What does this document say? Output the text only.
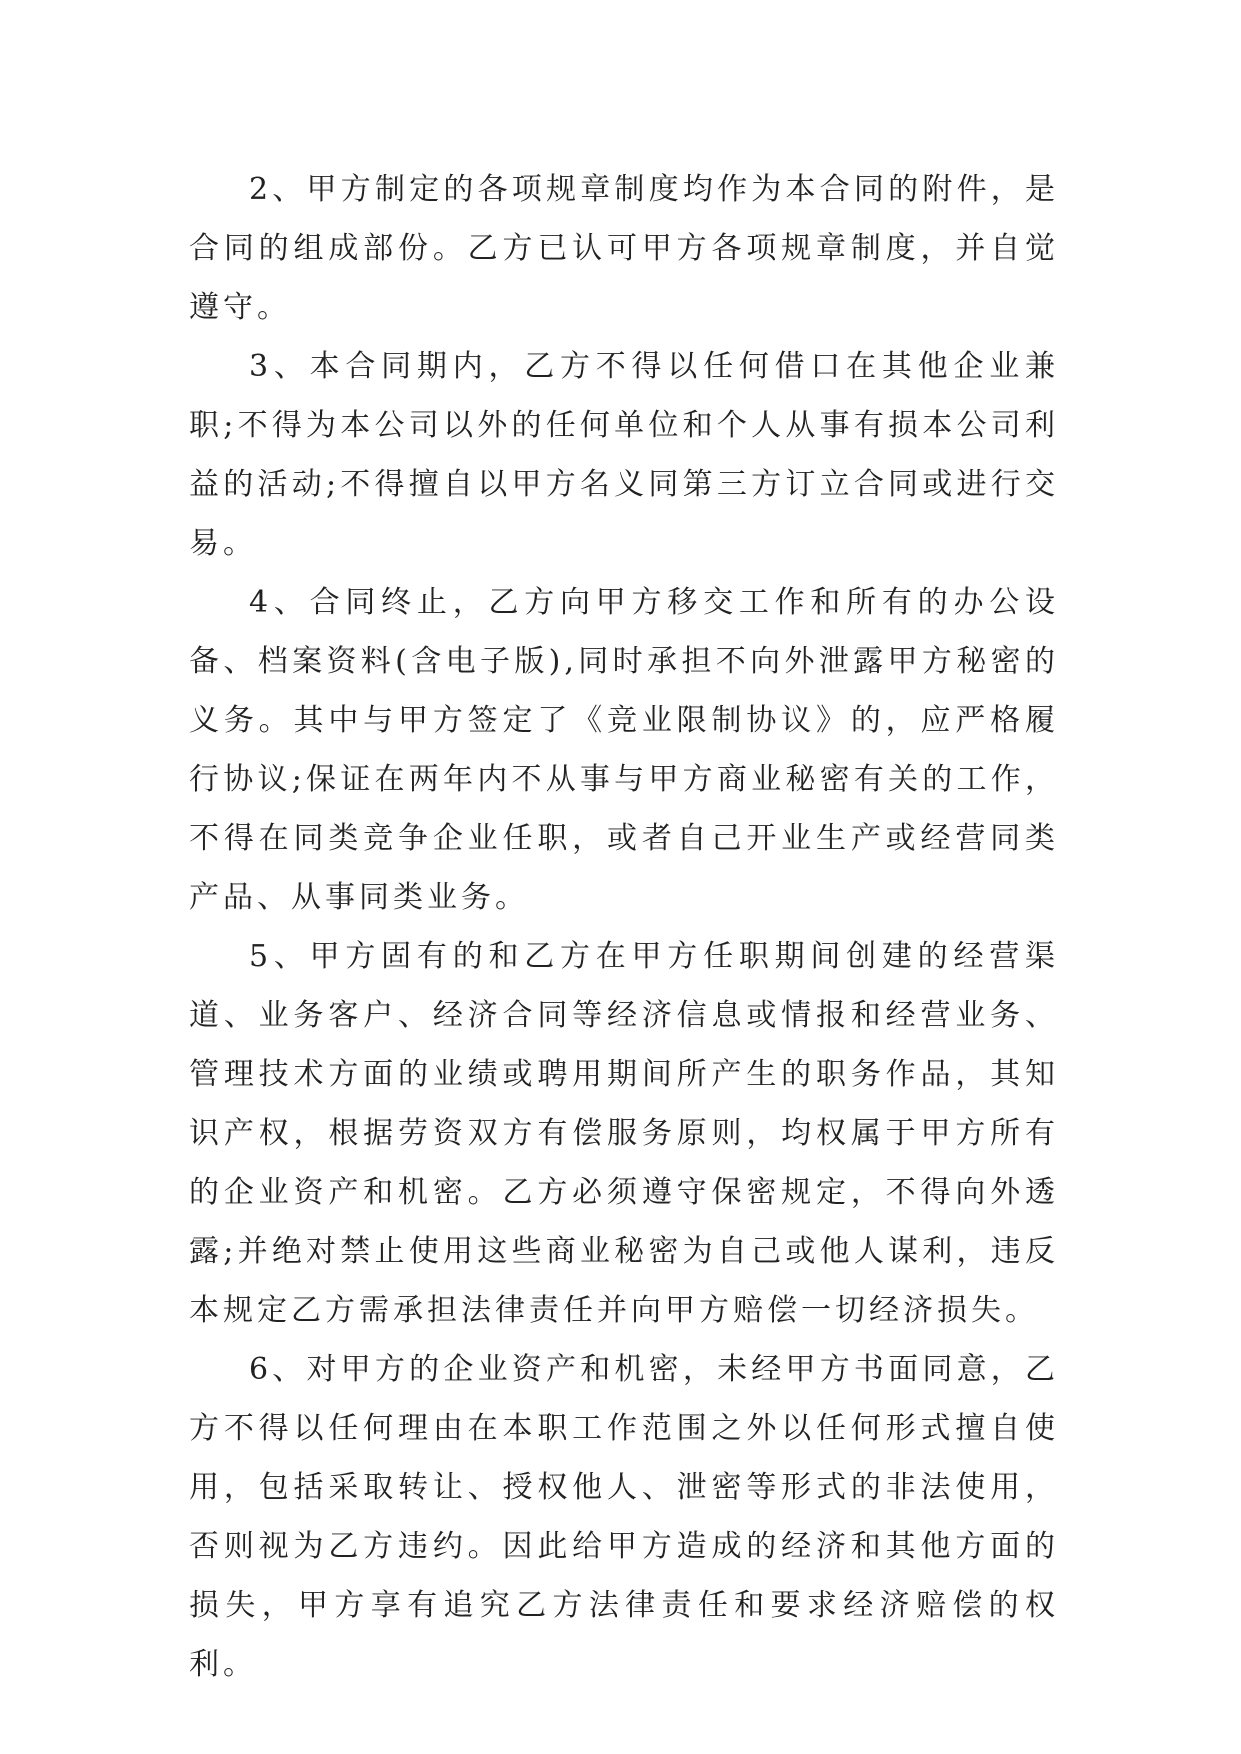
2、甲方制定的各项规章制度均作为本合同的附件，是合同的组成部份。乙方已认可甲方各项规章制度，并自觉遵守。

3、本合同期内，乙方不得以任何借口在其他企业兼职;不得为本公司以外的任何单位和个人从事有损本公司利益的活动;不得擅自以甲方名义同第三方订立合同或进行交易。

4、合同终止，乙方向甲方移交工作和所有的办公设备、档案资料(含电子版),同时承担不向外泄露甲方秘密的义务。其中与甲方签定了《竞业限制协议》的，应严格履行协议;保证在两年内不从事与甲方商业秘密有关的工作，不得在同类竞争企业任职，或者自己开业生产或经营同类产品、从事同类业务。

5、甲方固有的和乙方在甲方任职期间创建的经营渠道、业务客户、经济合同等经济信息或情报和经营业务、管理技术方面的业绩或聘用期间所产生的职务作品，其知识产权，根据劳资双方有偿服务原则，均权属于甲方所有的企业资产和机密。乙方必须遵守保密规定，不得向外透露;并绝对禁止使用这些商业秘密为自己或他人谋利，违反本规定乙方需承担法律责任并向甲方赔偿一切经济损失。

6、对甲方的企业资产和机密，未经甲方书面同意，乙方不得以任何理由在本职工作范围之外以任何形式擅自使用，包括采取转让、授权他人、泄密等形式的非法使用，否则视为乙方违约。因此给甲方造成的经济和其他方面的损失，甲方享有追究乙方法律责任和要求经济赔偿的权利。
